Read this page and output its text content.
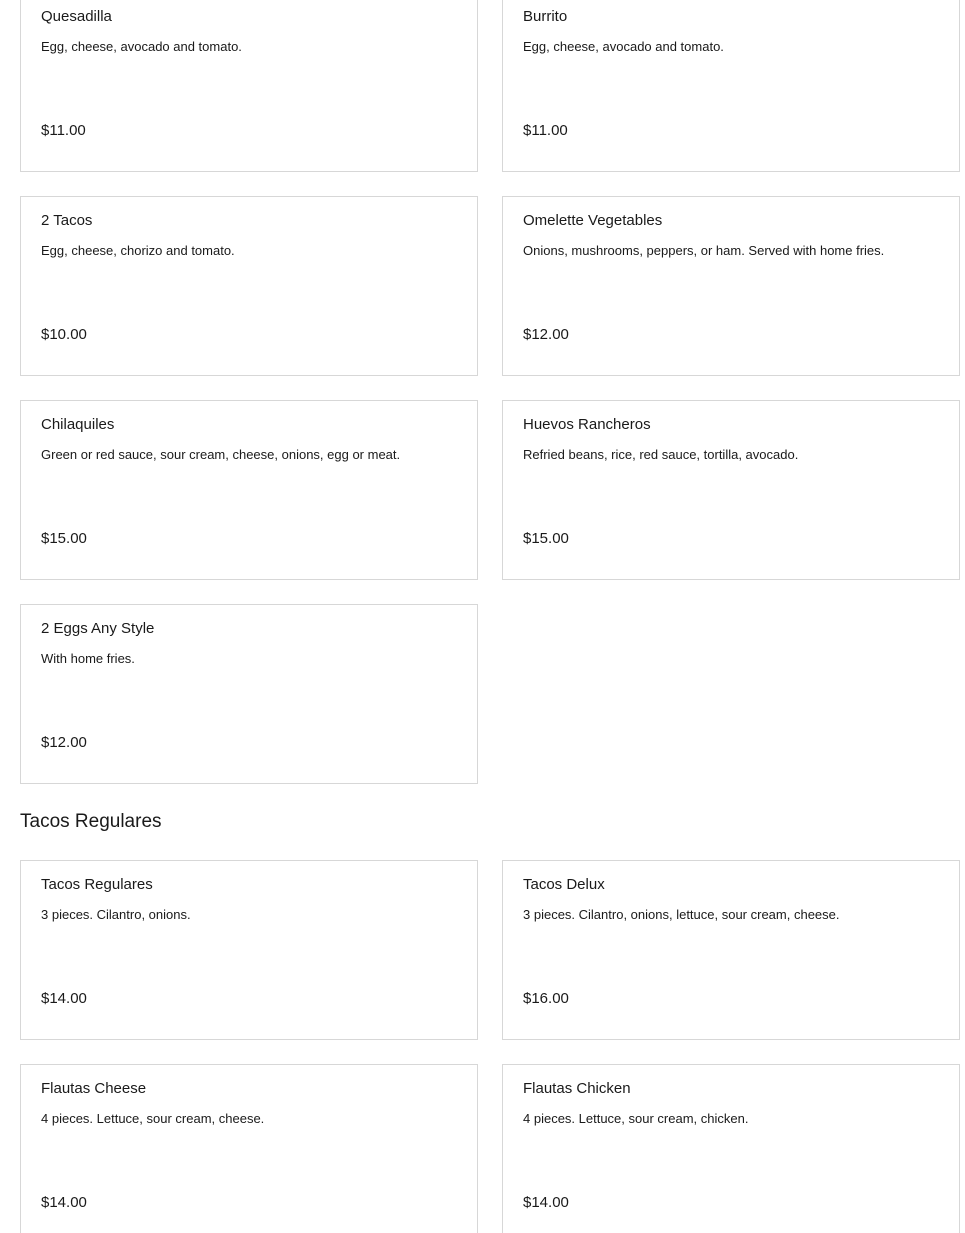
Quesadilla
Egg, cheese, avocado and tomato.
$11.00
Burrito
Egg, cheese, avocado and tomato.
$11.00
2 Tacos
Egg, cheese, chorizo and tomato.
$10.00
Omelette Vegetables
Onions, mushrooms, peppers, or ham. Served with home fries.
$12.00
Chilaquiles
Green or red sauce, sour cream, cheese, onions, egg or meat.
$15.00
Huevos Rancheros
Refried beans, rice, red sauce, tortilla, avocado.
$15.00
2 Eggs Any Style
With home fries.
$12.00
Tacos Regulares
Tacos Regulares
3 pieces. Cilantro, onions.
$14.00
Tacos Delux
3 pieces. Cilantro, onions, lettuce, sour cream, cheese.
$16.00
Flautas Cheese
4 pieces. Lettuce, sour cream, cheese.
$14.00
Flautas Chicken
4 pieces. Lettuce, sour cream, chicken.
$14.00
